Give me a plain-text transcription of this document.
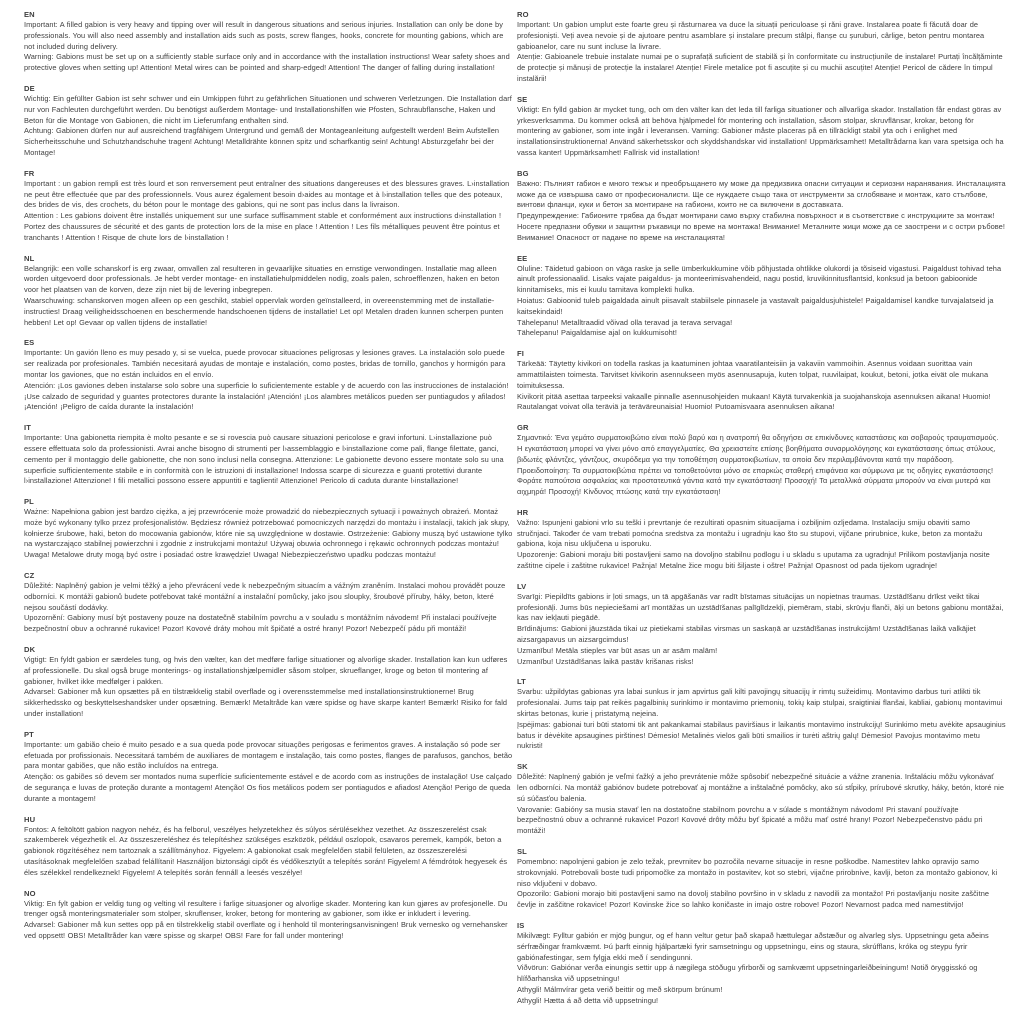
EN
Important: A filled gabion is very heavy and tipping over will result in dangerous situations and serious injuries. Installation can only be done by professionals. You will also need assembly and installation aids such as posts, screw flanges, hooks, concrete for mounting gabions, which are not included during delivery.
Warning: Gabions must be set up on a sufficiently stable surface only and in accordance with the installation instructions! Wear safety shoes and protective gloves when setting up! Attention! Metal wires can be pointed and sharp-edged! Attention! The danger of falling during installation!
DE
Wichtig: Ein gefüllter Gabion ist sehr schwer und ein Umkippen führt zu gefährlichen Situationen und schweren Verletzungen. Die Installation darf nur von Fachleuten durchgeführt werden. Du benötigst außerdem Montage- und Installationshilfen wie Pfosten, Schraubflansche, Haken und Beton für die Montage von Gabionen, die nicht im Lieferumfang enthalten sind.
Achtung: Gabionen dürfen nur auf ausreichend tragfähigem Untergrund und gemäß der Montageanleitung aufgestellt werden! Beim Aufstellen Sicherheitsschuhe und Schutzhandschuhe tragen! Achtung! Metalldrähte können spitz und scharfkantig sein! Achtung! Absturzgefahr bei der Montage!
FR
Important : un gabion rempli est très lourd et son renversement peut entraîner des situations dangereuses et des blessures graves. L›installation ne peut être effectuée que par des professionnels. Vous aurez également besoin d›aides au montage et à l›installation telles que des poteaux, des brides de vis, des crochets, du béton pour le montage des gabions, qui ne sont pas inclus dans la livraison.
Attention : Les gabions doivent être installés uniquement sur une surface suffisamment stable et conformément aux instructions d›installation ! Portez des chaussures de sécurité et des gants de protection lors de la mise en place ! Attention ! Les fils métalliques peuvent être pointus et tranchants ! Attention ! Risque de chute lors de l›installation !
NL
Belangrijk: een volle schanskorf is erg zwaar, omvallen zal resulteren in gevaarlijke situaties en ernstige verwondingen. Installatie mag alleen worden uitgevoerd door professionals. Je hebt verder montage- en installatiehulpmiddelen nodig, zoals palen, schroefflenzen, haken en beton voor het plaatsen van de korven, deze zijn niet bij de levering inbegrepen.
Waarschuwing: schanskorven mogen alleen op een geschikt, stabiel oppervlak worden geïnstalleerd, in overeenstemming met de installatie-instructies! Draag veiligheidsschoenen en beschermende handschoenen tijdens de installatie! Let op! Metalen draden kunnen scherpen punten hebben! Let op! Gevaar op vallen tijdens de installatie!
ES
Importante: Un gavión lleno es muy pesado y, si se vuelca, puede provocar situaciones peligrosas y lesiones graves. La instalación solo puede ser realizada por profesionales. También necesitará ayudas de montaje e instalación, como postes, bridas de tornillo, ganchos y hormigón para montar los gaviones, que no están incluidos en el envío.
Atención: ¡Los gaviones deben instalarse solo sobre una superficie lo suficientemente estable y de acuerdo con las instrucciones de instalación! ¡Use calzado de seguridad y guantes protectores durante la instalación! ¡Atención! ¡Los alambres metálicos pueden ser puntiagudos y afilados! ¡Atención! ¡Peligro de caída durante la instalación!
IT
Importante: Una gabionetta riempita è molto pesante e se si rovescia può causare situazioni pericolose e gravi infortuni. L›installazione può essere effettuata solo da professionisti. Avrai anche bisogno di strumenti per l›assemblaggio e l›installazione come pali, flange filettate, ganci, cemento per il montaggio delle gabionette, che non sono inclusi nella consegna. Attenzione: Le gabionette devono essere montate solo su una superficie sufficientemente stabile e in conformità con le istruzioni di installazione! Indossa scarpe di sicurezza e guanti protettivi durante l›installazione! Attenzione! I fili metallici possono essere appuntiti e taglienti! Attenzione! Pericolo di caduta durante l›installazione!
PL
Ważne: Napełniona gabion jest bardzo ciężka, a jej przewrócenie może prowadzić do niebezpiecznych sytuacji i poważnych obrażeń. Montaż może być wykonany tylko przez profesjonalistów. Będziesz również potrzebować pomocniczych narzędzi do montażu i instalacji, takich jak słupy, kołnierze śrubowe, haki, beton do mocowania gabionów, które nie są uwzględnione w dostawie. Ostrzeżenie: Gabiony muszą być ustawione tylko na wystarczająco stabilnej powierzchni i zgodnie z instrukcjami montażu! Używaj obuwia ochronnego i rękawic ochronnych podczas montażu! Uwaga! Metalowe druty mogą być ostre i posiadać ostre krawędzie! Uwaga! Niebezpieczeństwo upadku podczas montażu!
CZ
Důležité: Naplněný gabion je velmi těžký a jeho převrácení vede k nebezpečným situacím a vážným zraněním. Instalaci mohou provádět pouze odborníci. K montáži gabionů budete potřebovat také montážní a instalační pomůcky, jako jsou sloupky, šroubové příruby, háky, beton, které nejsou součástí dodávky.
Upozornění: Gabiony musí být postaveny pouze na dostatečně stabilním povrchu a v souladu s montážním návodem! Při instalaci používejte bezpečnostní obuv a ochranné rukavice! Pozor! Kovové dráty mohou mít špičaté a ostré hrany! Pozor! Nebezpečí pádu při montáži!
DK
Vigtigt: En fyldt gabion er særdeles tung, og hvis den vælter, kan det medføre farlige situationer og alvorlige skader. Installation kan kun udføres af professionelle. Du skal også bruge monterings- og installationshjælpemidler såsom stolper, skrueflanger, kroge og beton til montering af gabioner, hvilket ikke medfølger i pakken.
Advarsel: Gabioner må kun opsættes på en tilstrækkelig stabil overflade og i overensstemmelse med installationsinstruktionerne! Brug sikkerhedssko og beskyttelseshandsker under opsætning. Bemærk! Metaltråde kan være spidse og have skarpe kanter! Bemærk! Risiko for fald under installation!
PT
Importante: um gabião cheio é muito pesado e a sua queda pode provocar situações perigosas e ferimentos graves. A instalação só pode ser efetuada por profissionais. Necessitará também de auxiliares de montagem e instalação, tais como postes, flanges de parafusos, ganchos, betão para montar gabiões, que não estão incluídos na entrega.
Atenção: os gabiões só devem ser montados numa superfície suficientemente estável e de acordo com as instruções de instalação! Use calçado de segurança e luvas de proteção durante a montagem! Atenção! Os fios metálicos podem ser pontiagudos e afiados! Atenção! Perigo de queda durante a montagem!
HU
Fontos: A feltöltött gabion nagyon nehéz, és ha felborul, veszélyes helyzetekhez és súlyos sérülésekhez vezethet. Az összeszerelést csak szakemberek végezhetik el. Az összeszereléshez és telepítéshez szükséges eszközök, például oszlopok, csavaros peremek, kampók, beton a gabionok rögzítéséhez nem tartoznak a szállítmányhoz. Figyelem: A gabionokat csak megfelelően stabil felületen, az összeszerelési utasításoknak megfelelően szabad felállítani! Használjon biztonsági cipőt és védőkesztyűt a telepítés során! Figyelem! A fémdrótok hegyesek és éles szélekkel rendelkeznek! Figyelem! A telepítés során fennáll a leesés veszélye!
NO
Viktig: En fylt gabion er veldig tung og velting vil resultere i farlige situasjoner og alvorlige skader. Montering kan kun gjøres av profesjonelle. Du trenger også monteringsmaterialer som stolper, skruflenser, kroker, betong for montering av gabioner, som ikke er inkludert i levering.
Advarsel: Gabioner må kun settes opp på en tilstrekkelig stabil overflate og i henhold til monteringsanvisningen! Bruk vernesko og vernehansker ved oppsett! OBS! Metalltråder kan være spisse og skarpe! OBS! Fare for fall under montering!
RO
Important: Un gabion umplut este foarte greu și răsturnarea va duce la situații periculoase și răni grave. Instalarea poate fi făcută doar de profesioniști. Veți avea nevoie și de ajutoare pentru asamblare și instalare precum stâlpi, flanșe cu șuruburi, cârlige, beton pentru montarea gabioanelor, care nu sunt incluse la livrare.
Atenție: Gabioanele trebuie instalate numai pe o suprafață suficient de stabilă și în conformitate cu instrucțiunile de instalare! Purtați încălțăminte de protecție și mănuși de protecție la instalare! Atenție! Firele metalice pot fi ascuțite și cu muchii ascuțite! Atenție! Pericol de cădere în timpul instalării!
SE
Viktigt: En fylld gabion är mycket tung, och om den välter kan det leda till farliga situationer och allvarliga skador. Installation får endast göras av yrkesverksamma. Du kommer också att behöva hjälpmedel för montering och installation, såsom stolpar, skruvflänsar, krokar, betong för montering av gabioner, som inte ingår i leveransen. Varning: Gabioner måste placeras på en tillräckligt stabil yta och i enlighet med installationsinstruktionerna! Använd säkerhetsskor och skyddshandskar vid installation! Uppmärksamhet! Metalltrådarna kan vara spetsiga och ha vassa kanter! Uppmärksamhet! Fallrisk vid installation!
BG
Важно: Пълният габион е много тежък и преобръщането му може да предизвика опасни ситуации и сериозни наранявания. Инсталацията може да се извършва само от професионалисти. Ще се нуждаете също така от инструменти за сглобяване и монтаж, като стълбове, винтови фланци, куки и бетон за монтиране на габиони, които не са включени в доставката.
Предупреждение: Габионите трябва да бъдат монтирани само върху стабилна повърхност и в съответствие с инструкциите за монтаж! Носете предпазни обувки и защитни ръкавици по време на монтажа! Внимание! Металните жици може да се заострени и с остри ръбове! Внимание! Опасност от падане по време на инсталацията!
EE
Oluline: Täidetud gabioon on väga raske ja selle ümberkukkumine võib põhjustada ohtlikke olukordi ja tõsiseid vigastusi. Paigaldust tohivad teha ainult professionaalid. Lisaks vajate paigaldus- ja monteerimisvahendeid, nagu postid, kruvikinnitusflantsid, konksud ja betoon gabioonide kinnitamiseks, mis ei kuulu tarnitava komplekti hulka.
Hoiatus: Gabioonid tuleb paigaldada ainult piisavalt stabiilsele pinnasele ja vastavalt paigaldusjuhistele! Paigaldamisel kandke turvajalatseid ja kaitsekindaid!
Tähelepanu! Metalltraadid võivad olla teravad ja terava servaga!
Tähelepanu! Paigaldamise ajal on kukkumisoht!
FI
Tärkeää: Täytetty kivikori on todella raskas ja kaatuminen johtaa vaaratilanteisiin ja vakaviin vammoihin. Asennus voidaan suorittaa vain ammattilaisten toimesta. Tarvitset kivikorin asennukseen myös asennusapuja, kuten tolpat, ruuvilaipat, koukut, betoni, jotka eivät ole mukana toimituksessa.
Kivikorit pitää asettaa tarpeeksi vakaalle pinnalle asennusohjeiden mukaan! Käytä turvakenkiä ja suojahanskoja asennuksen aikana! Huomio! Rautalangat voivat olla teräviä ja teräväreunaisia! Huomio! Putoamisvaara asennuksen aikana!
GR
Σημαντικό: Ένα γεμάτο συρματοκιβώτιο είναι πολύ βαρύ και η ανατροπή θα οδηγήσει σε επικίνδυνες καταστάσεις και σοβαρούς τραυματισμούς. Η εγκατάσταση μπορεί να γίνει μόνο από επαγγελματίες. Θα χρειαστείτε επίσης βοηθήματα συναρμολόγησης και εγκατάστασης όπως στύλους, βιδωτές φλάντζες, γάντζους, σκυρόδεμα για την τοποθέτηση συρματοκιβωτίων, τα οποία δεν περιλαμβάνονται κατά την παράδοση.
Προειδοποίηση: Τα συρματοκιβώτια πρέπει να τοποθετούνται μόνο σε επαρκώς σταθερή επιφάνεια και σύμφωνα με τις οδηγίες εγκατάστασης! Φοράτε παπούτσια ασφαλείας και προστατευτικά γάντια κατά την εγκατάσταση! Προσοχή! Τα μεταλλικά σύρματα μπορούν να είναι μυτερά και αιχμηρά! Προσοχή! Κίνδυνος πτώσης κατά την εγκατάσταση!
HR
Važno: Ispunjeni gabioni vrlo su teški i prevrtanje će rezultirati opasnim situacijama i ozbiljnim ozljedama. Instalaciju smiju obaviti samo stručnjaci. Također će vam trebati pomoćna sredstva za montažu i ugradnju kao što su stupovi, vijčane prirubnice, kuke, beton za montažu gabiona, koja nisu uključena u isporuku.
Upozorenje: Gabioni moraju biti postavljeni samo na dovoljno stabilnu podlogu i u skladu s uputama za ugradnju! Prilikom postavljanja nosite zaštitne cipele i zaštitne rukavice! Pažnja! Metalne žice mogu biti šiljaste i oštre! Pažnja! Opasnost od pada tijekom ugradnje!
LV
Svarīgi: Piepildīts gabions ir ļoti smags, un tā apgāšanās var radīt bīstamas situācijas un nopietnas traumas. Uzstādīšanu drīkst veikt tikai profesionāļi. Jums būs nepieciešami arī montāžas un uzstādīšanas palīglīdzekļi, piemēram, stabi, skrūvju flanči, āķi un betons gabionu montāžai, kas nav iekļauti piegādē.
Brīdinājums: Gabioni jāuzstāda tikai uz pietiekami stabilas virsmas un saskaņā ar uzstādīšanas instrukcijām! Uzstādīšanas laikā valkājiet aizsargapavus un aizsargcimdus!
Uzmanību! Metāla stieples var būt asas un ar asām malām!
Uzmanību! Uzstādīšanas laikā pastāv krišanas risks!
LT
Svarbu: užpildytas gabionas yra labai sunkus ir jam apvirtus gali kilti pavojingų situacijų ir rimtų sužeidimų. Montavimo darbus turi atlikti tik profesionalai. Jums taip pat reikės pagalbinių surinkimo ir montavimo priemonių, tokių kaip stulpai, sraigtiniai flanšai, kabliai, gabionų montavimui skirtas betonas, kurie į pristatymą neįeina.
Įspėjimas: gabionai turi būti statomi tik ant pakankamai stabilaus paviršiaus ir laikantis montavimo instrukcijų! Surinkimo metu avėkite apsauginius batus ir dėvėkite apsaugines pirštines! Dėmesio! Metalinės vielos gali būti smailios ir turėti aštrių galų! Dėmesio! Pavojus montavimo metu nukristi!
SK
Dôležité: Naplnený gabión je veľmi ťažký a jeho prevrátenie môže spôsobiť nebezpečné situácie a vážne zranenia. Inštaláciu môžu vykonávať len odborníci. Na montáž gabiónov budete potrebovať aj montážne a inštalačné pomôcky, ako sú stĺpiky, prírubové skrutky, háky, betón, ktoré nie sú súčasťou balenia.
Varovanie: Gabióny sa musia stavať len na dostatočne stabilnom povrchu a v súlade s montážnym návodom! Pri stavaní používajte bezpečnostnú obuv a ochranné rukavice! Pozor! Kovové drôty môžu byť špicaté a môžu mať ostré hrany! Pozor! Nebezpečenstvo pádu pri montáži!
SL
Pomembno: napolnjeni gabion je zelo težak, prevrnitev bo pozročila nevarne situacije in resne poškodbe. Namestitev lahko opravijo samo strokovnjaki. Potrebovali boste tudi pripomočke za montažo in postavitev, kot so stebri, vijačne prirobnive, kavlji, beton za montažo gabionov, ki niso vključeni v dobavo.
Opozorilo: Gabioni morajo biti postavljeni samo na dovolj stabilno površino in v skladu z navodili za montažo! Pri postavljanju nosite zaščitne čevlje in zaščitne rokavice! Pozor! Kovinske žice so lahko koničaste in imajo ostre robove! Pozor! Nevarnost padca med namestitvijo!
IS
Mikilvægt: Fylltur gabión er mjög þungur, og ef hann veltur getur það skapað hættulegar aðstæður og alvarleg slys. Uppsetningu geta aðeins sérfræðingar framkvæmt. Þú þarft einnig hjálpartæki fyrir samsetningu og uppsetningu, eins og staura, skrúfflans, króka og steypu fyrir gabiónafestingar, sem fylgja ekki með í sendingunni.
Viðvörun: Gabiónar verða einungis settir upp á nægilega stöðugu yfirborði og samkvæmt uppsetningarleiðbeiningum! Notið öryggisskó og hlífðarhanska við uppsetningu!
Athygli! Málmvírar geta verið beittir og með skörpum brúnum!
Athygli! Hætta á að detta við uppsetningu!
